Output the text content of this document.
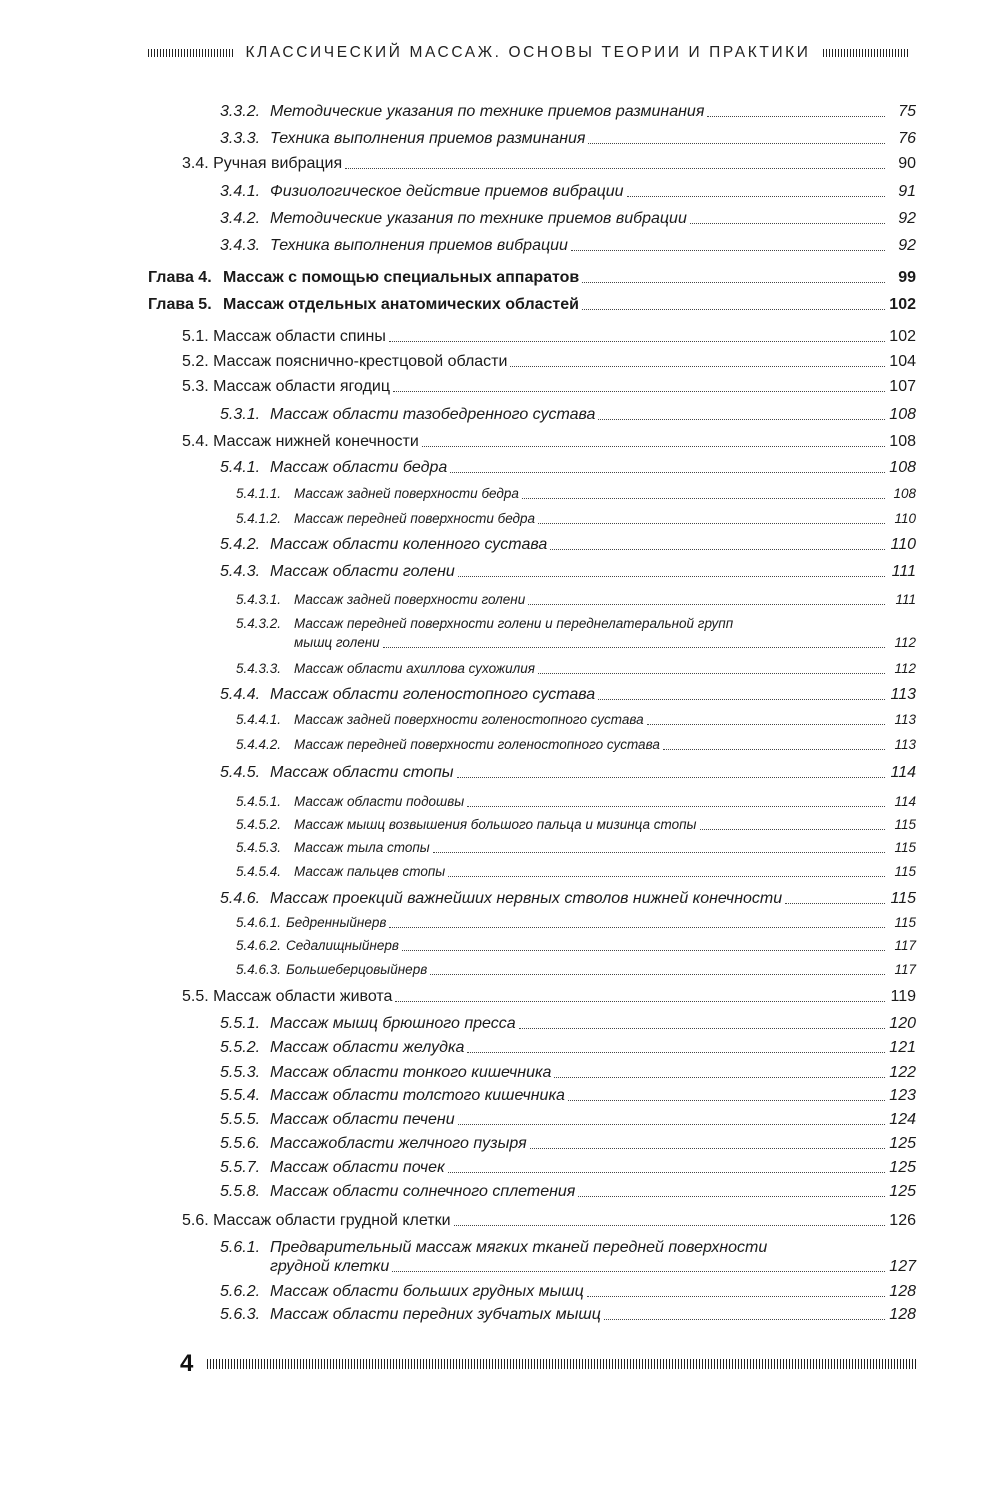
КЛАССИЧЕСКИЙ МАССАЖ. ОСНОВЫ ТЕОРИИ И ПРАКТИКИ
3.3.2. Методические указания по технике приемов разминания	75
3.3.3. Техника выполнения приемов разминания	76
3.4. Ручная вибрация	90
3.4.1. Физиологическое действие приемов вибрации	91
3.4.2. Методические указания по технике приемов вибрации	92
3.4.3. Техника выполнения приемов вибрации	92
Глава 4. Массаж с помощью специальных аппаратов	99
Глава 5. Массаж отдельных анатомических областей	102
5.1. Массаж области спины	102
5.2. Массаж пояснично-крестцовой области	104
5.3. Массаж области ягодиц	107
5.3.1. Массаж области тазобедренного сустава	108
5.4. Массаж нижней конечности	108
5.4.1. Массаж области бедра	108
5.4.1.1. Массаж задней поверхности бедра	108
5.4.1.2. Массаж передней поверхности бедра	110
5.4.2. Массаж области коленного сустава	110
5.4.3. Массаж области голени	111
5.4.3.1. Массаж задней поверхности голени	111
5.4.3.2. Массаж передней поверхности голени и переднелатеральной групп
мышц голени	112
5.4.3.3. Массаж области ахиллова сухожилия	112
5.4.4. Массаж области голеностопного сустава	113
5.4.4.1. Массаж задней поверхности голеностопного сустава	113
5.4.4.2. Массаж передней поверхности голеностопного сустава	113
5.4.5. Массаж области стопы	114
5.4.5.1. Массаж области подошвы	114
5.4.5.2. Массаж мышц возвышения большого пальца и мизинца стопы	115
5.4.5.3. Массаж тыла стопы	115
5.4.5.4. Массаж пальцев стопы	115
5.4.6. Массаж проекций важнейших нервных стволов нижней конечности	115
5.4.6.1. Бедренныйнерв	115
5.4.6.2. Седалищныйнерв	117
5.4.6.3. Большеберцовыйнерв	117
5.5. Массаж области живота	119
5.5.1. Массаж мышц брюшного пресса	120
5.5.2. Массаж области желудка	121
5.5.3. Массаж области тонкого кишечника	122
5.5.4. Массаж области толстого кишечника	123
5.5.5. Массаж области печени	124
5.5.6. Массажобласти желчного пузыря	125
5.5.7. Массаж области почек	125
5.5.8. Массаж области солнечного сплетения	125
5.6. Массаж области грудной клетки	126
5.6.1. Предварительный массаж мягких тканей передней поверхности
грудной клетки	127
5.6.2. Массаж области больших грудных мышц	128
5.6.3. Массаж области передних зубчатых мышц	128
4
